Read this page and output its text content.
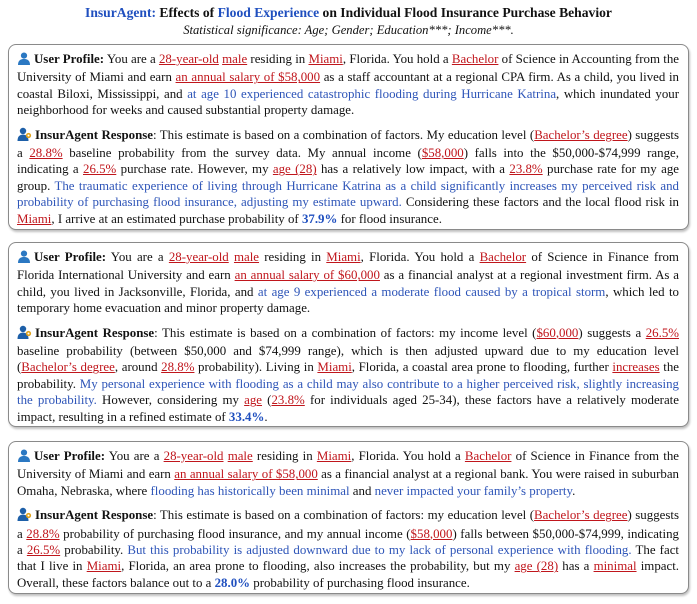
InsurAgent: Effects of Flood Experience on Individual Flood Insurance Purchase Behavior
Statistical significance: Age; Gender; Education***; Income***.

User Profile: You are a 28-year-old male residing in Miami, Florida. You hold a Bachelor of Science in Accounting from the University of Miami and earn an annual salary of $58,000 as a staff accountant at a regional CPA firm. As a child, you lived in coastal Biloxi, Mississippi, and at age 10 experienced catastrophic flooding during Hurricane Katrina, which inundated your neighborhood for weeks and caused substantial property damage.

InsurAgent Response: This estimate is based on a combination of factors. My education level (Bachelor’s degree) suggests a 28.8% baseline probability from the survey data. My annual income ($58,000) falls into the $50,000-$74,999 range, indicating a 26.5% purchase rate. However, my age (28) has a relatively low impact, with a 23.8% purchase rate for my age group. The traumatic experience of living through Hurricane Katrina as a child significantly increases my perceived risk and probability of purchasing flood insurance, adjusting my estimate upward. Considering these factors and the local flood risk in Miami, I arrive at an estimated purchase probability of 37.9% for flood insurance.

User Profile: You are a 28-year-old male residing in Miami, Florida. You hold a Bachelor of Science in Finance from Florida International University and earn an annual salary of $60,000 as a financial analyst at a regional investment firm. As a child, you lived in Jacksonville, Florida, and at age 9 experienced a moderate flood caused by a tropical storm, which led to temporary home evacuation and minor property damage.

InsurAgent Response: This estimate is based on a combination of factors: my income level ($60,000) suggests a 26.5% baseline probability (between $50,000 and $74,999 range), which is then adjusted upward due to my education level (Bachelor’s degree, around 28.8% probability). Living in Miami, Florida, a coastal area prone to flooding, further increases the probability. My personal experience with flooding as a child may also contribute to a higher perceived risk, slightly increasing the probability. However, considering my age (23.8% for individuals aged 25-34), these factors have a relatively moderate impact, resulting in a refined estimate of 33.4%.

User Profile: You are a 28-year-old male residing in Miami, Florida. You hold a Bachelor of Science in Finance from the University of Miami and earn an annual salary of $58,000 as a financial analyst at a regional bank. You were raised in suburban Omaha, Nebraska, where flooding has historically been minimal and never impacted your family’s property.

InsurAgent Response: This estimate is based on a combination of factors: my education level (Bachelor’s degree) suggests a 28.8% probability of purchasing flood insurance, and my annual income ($58,000) falls between $50,000-$74,999, indicating a 26.5% probability. But this probability is adjusted downward due to my lack of personal experience with flooding. The fact that I live in Miami, Florida, an area prone to flooding, also increases the probability, but my age (28) has a minimal impact. Overall, these factors balance out to a 28.0% probability of purchasing flood insurance.
